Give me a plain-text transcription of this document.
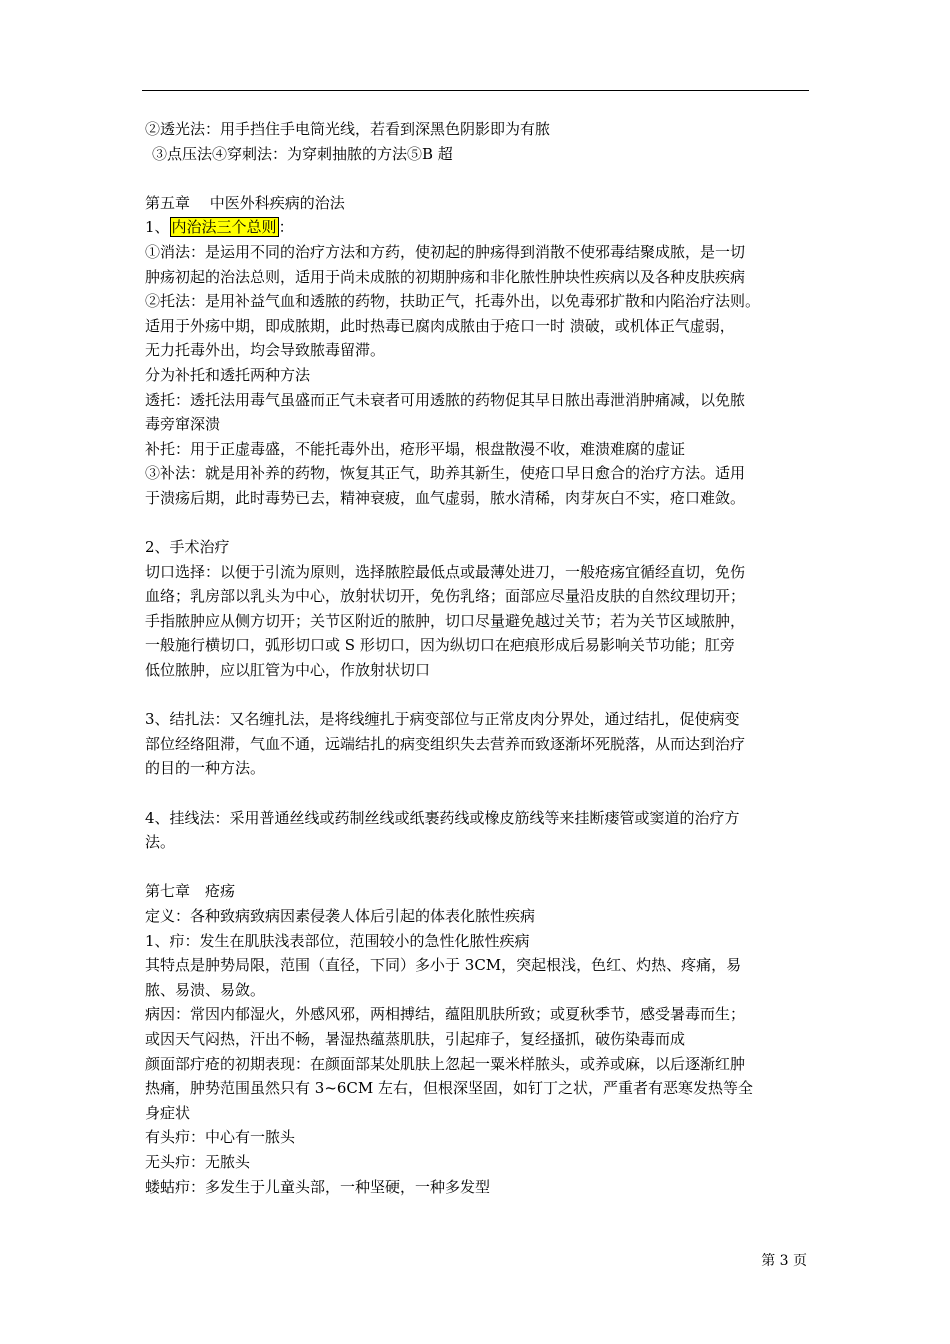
②透光法：用手挡住手电筒光线，若看到深黑色阴影即为有脓
③点压法④穿刺法：为穿刺抽脓的方法⑤B 超
第五章　 中医外科疾病的治法
1、 内治法三个总则 ：
①消法：是运用不同的治疗方法和方药，使初起的肿疡得到消散不使邪毒结聚成脓，是一切
肿疡初起的治法总则，适用于尚未成脓的初期肿疡和非化脓性肿块性疾病以及各种皮肤疾病
②托法：是用补益气血和透脓的药物，扶助正气，托毒外出，以免毒邪扩散和内陷治疗法则。
适用于外疡中期，即成脓期，此时热毒已腐肉成脓由于疮口一时 溃破，或机体正气虚弱，
无力托毒外出，均会导致脓毒留滞。
分为补托和透托两种方法
透托：透托法用毒气虽盛而正气未衰者可用透脓的药物促其早日脓出毒泄消肿痛减，以免脓
毒旁窜深溃
补托：用于正虚毒盛，不能托毒外出，疮形平塌，根盘散漫不收，难溃难腐的虚证
③补法：就是用补养的药物，恢复其正气，助养其新生，使疮口早日愈合的治疗方法。适用
于溃疡后期，此时毒势已去，精神衰疲，血气虚弱，脓水清稀，肉芽灰白不实，疮口难敛。
2、手术治疗
切口选择：以便于引流为原则，选择脓腔最低点或最薄处进刀，一般疮疡宜循经直切，免伤
血络；乳房部以乳头为中心，放射状切开，免伤乳络；面部应尽量沿皮肤的自然纹理切开；
手指脓肿应从侧方切开；关节区附近的脓肿，切口尽量避免越过关节；若为关节区域脓肿，
一般施行横切口，弧形切口或 S 形切口，因为纵切口在疤痕形成后易影响关节功能；肛旁
低位脓肿，应以肛管为中心，作放射状切口
3、结扎法：又名缠扎法，是将线缠扎于病变部位与正常皮肉分界处，通过结扎，促使病变
部位经络阻滞，气血不通，远端结扎的病变组织失去营养而致逐渐坏死脱落，从而达到治疗
的目的一种方法。
4、挂线法：采用普通丝线或药制丝线或纸裹药线或橡皮筋线等来挂断瘘管或窦道的治疗方
法。
第七章　疮疡
定义：各种致病致病因素侵袭人体后引起的体表化脓性疾病
1、疖：发生在肌肤浅表部位，范围较小的急性化脓性疾病
其特点是肿势局限，范围（直径，下同）多小于 3CM，突起根浅，色红、灼热、疼痛，易
脓、易溃、易敛。
病因：常因内郁湿火，外感风邪，两相搏结，蕴阻肌肤所致；或夏秋季节，感受暑毒而生；
或因天气闷热，汗出不畅，暑湿热蕴蒸肌肤，引起痱子，复经搔抓，破伤染毒而成
颜面部疔疮的初期表现：在颜面部某处肌肤上忽起一粟米样脓头，或养或麻，以后逐渐红肿
热痛，肿势范围虽然只有 3~6CM 左右，但根深坚固，如钉丁之状，严重者有恶寒发热等全
身症状
有头疖：中心有一脓头
无头疖：无脓头
蝼蛄疖：多发生于儿童头部，一种坚硬，一种多发型
第 3 页
